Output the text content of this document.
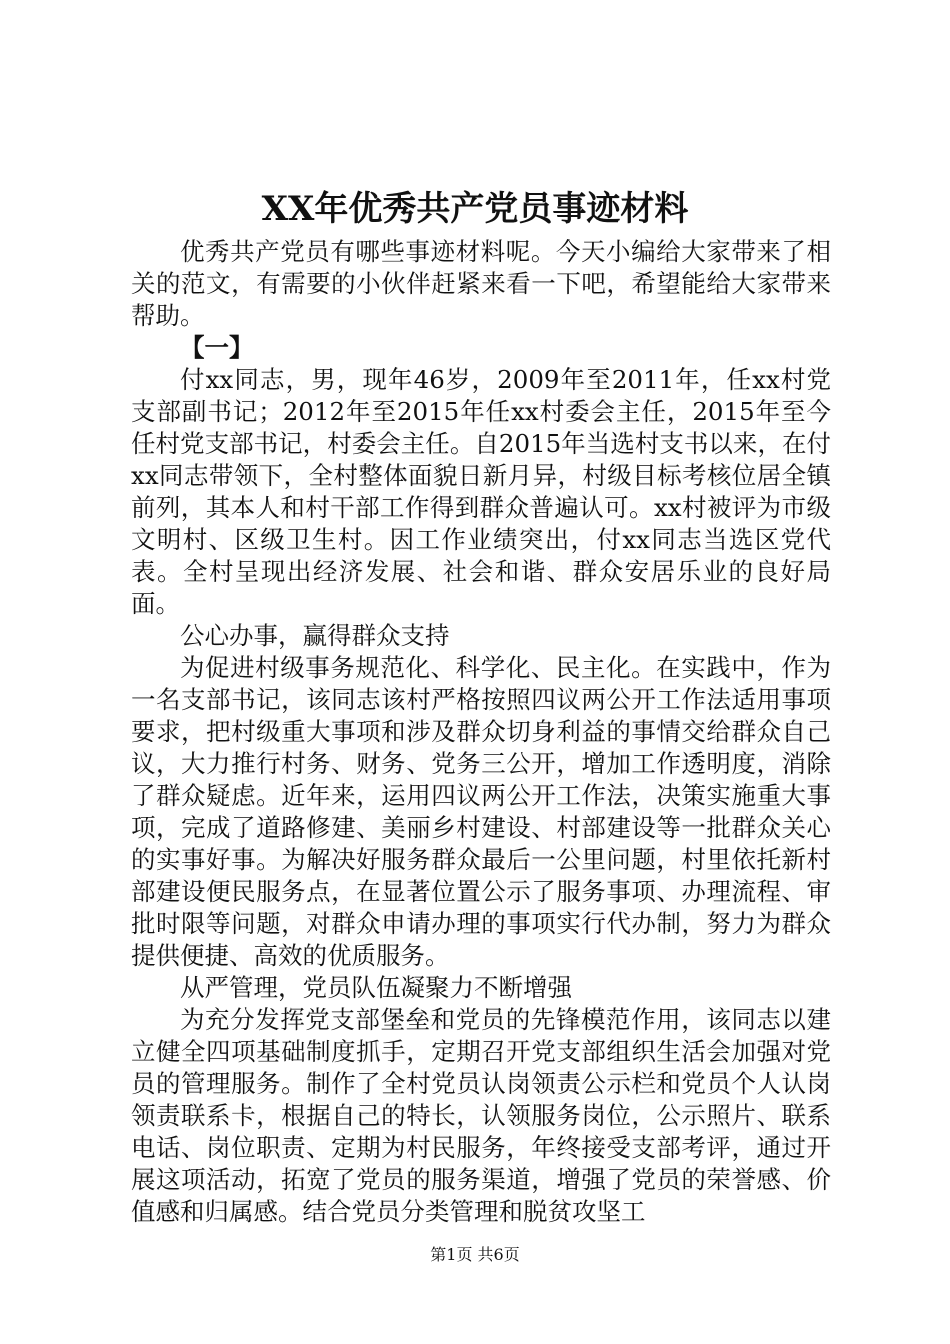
XX年优秀共产党员事迹材料

优秀共产党员有哪些事迹材料呢。今天小编给大家带来了相关的范文，有需要的小伙伴赶紧来看一下吧，希望能给大家带来帮助。

【一】

付xx同志，男，现年46岁，2009年至2011年，任xx村党支部副书记；2012年至2015年任xx村委会主任，2015年至今任村党支部书记，村委会主任。自2015年当选村支书以来，在付xx同志带领下，全村整体面貌日新月异，村级目标考核位居全镇前列，其本人和村干部工作得到群众普遍认可。xx村被评为市级文明村、区级卫生村。因工作业绩突出，付xx同志当选区党代表。全村呈现出经济发展、社会和谐、群众安居乐业的良好局面。

公心办事，赢得群众支持

为促进村级事务规范化、科学化、民主化。在实践中，作为一名支部书记，该同志该村严格按照四议两公开工作法适用事项要求，把村级重大事项和涉及群众切身利益的事情交给群众自己议，大力推行村务、财务、党务三公开，增加工作透明度，消除了群众疑虑。近年来，运用四议两公开工作法，决策实施重大事项，完成了道路修建、美丽乡村建设、村部建设等一批群众关心的实事好事。为解决好服务群众最后一公里问题，村里依托新村部建设便民服务点，在显著位置公示了服务事项、办理流程、审批时限等问题，对群众申请办理的事项实行代办制，努力为群众提供便捷、高效的优质服务。

从严管理，党员队伍凝聚力不断增强

为充分发挥党支部堡垒和党员的先锋模范作用，该同志以建立健全四项基础制度抓手，定期召开党支部组织生活会加强对党员的管理服务。制作了全村党员认岗领责公示栏和党员个人认岗领责联系卡，根据自己的特长，认领服务岗位，公示照片、联系电话、岗位职责、定期为村民服务，年终接受支部考评，通过开展这项活动，拓宽了党员的服务渠道，增强了党员的荣誉感、价值感和归属感。结合党员分类管理和脱贫攻坚工

第1页 共6页
